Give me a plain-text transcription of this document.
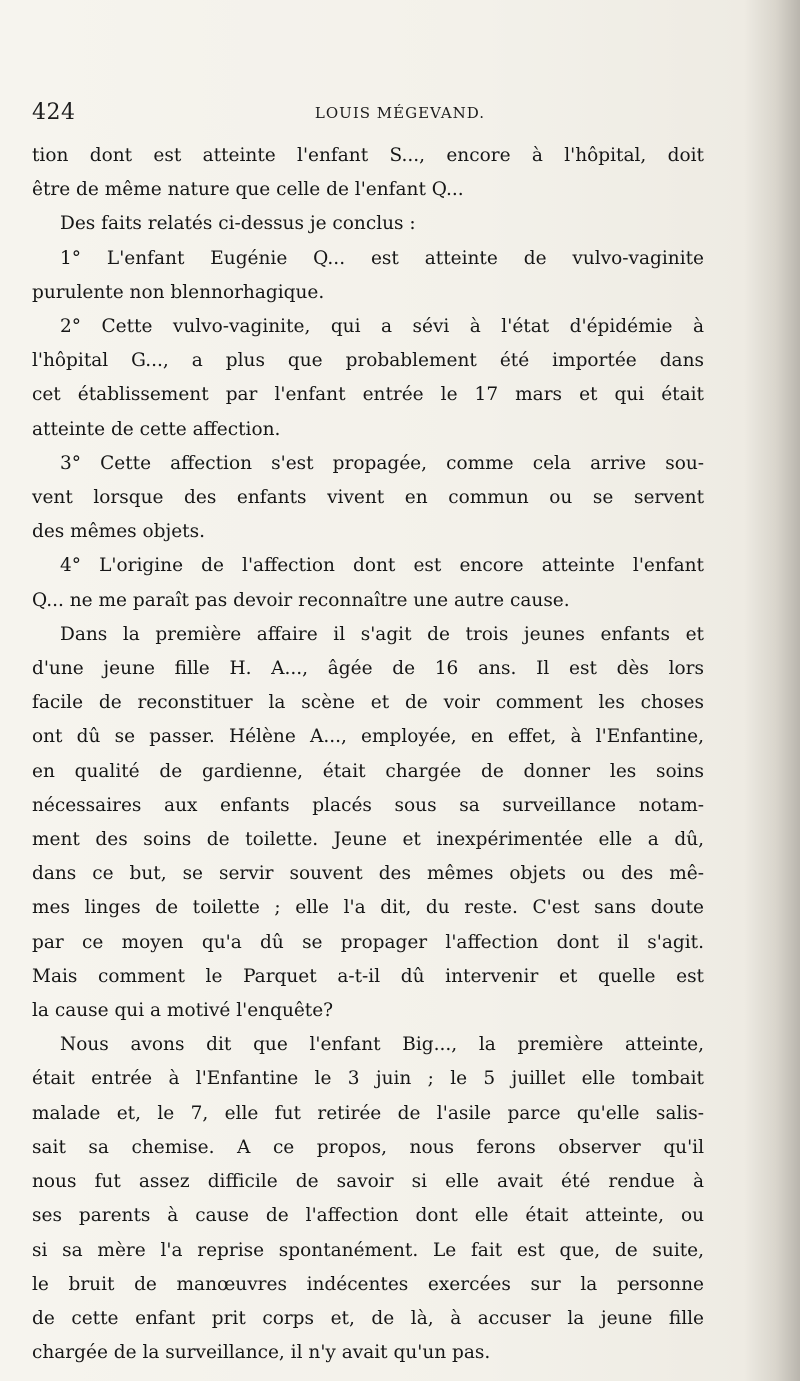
424	LOUIS MÉGEVAND.
tion dont est atteinte l'enfant S..., encore à l'hôpital, doit
être de même nature que celle de l'enfant Q...
Des faits relatés ci-dessus je conclus :
1° L'enfant Eugénie Q... est atteinte de vulvo-vaginite
purulente non blennorhagique.
2° Cette vulvo-vaginite, qui a sévi à l'état d'épidémie à
l'hôpital G..., a plus que probablement été importée dans
cet établissement par l'enfant entrée le 17 mars et qui était
atteinte de cette affection.
3° Cette affection s'est propagée, comme cela arrive sou-
vent lorsque des enfants vivent en commun ou se servent
des mêmes objets.
4° L'origine de l'affection dont est encore atteinte l'enfant
Q... ne me paraît pas devoir reconnaître une autre cause.
Dans la première affaire il s'agit de trois jeunes enfants et
d'une jeune fille H. A..., âgée de 16 ans. Il est dès lors
facile de reconstituer la scène et de voir comment les choses
ont dû se passer. Hélène A..., employée, en effet, à l'Enfantine,
en qualité de gardienne, était chargée de donner les soins
nécessaires aux enfants placés sous sa surveillance notam-
ment des soins de toilette. Jeune et inexpérimentée elle a dû,
dans ce but, se servir souvent des mêmes objets ou des mê-
mes linges de toilette ; elle l'a dit, du reste. C'est sans doute
par ce moyen qu'a dû se propager l'affection dont il s'agit.
Mais comment le Parquet a-t-il dû intervenir et quelle est
la cause qui a motivé l'enquête?
Nous avons dit que l'enfant Big..., la première atteinte,
était entrée à l'Enfantine le 3 juin ; le 5 juillet elle tombait
malade et, le 7, elle fut retirée de l'asile parce qu'elle salis-
sait sa chemise. A ce propos, nous ferons observer qu'il
nous fut assez difficile de savoir si elle avait été rendue à
ses parents à cause de l'affection dont elle était atteinte, ou
si sa mère l'a reprise spontanément. Le fait est que, de suite,
le bruit de manœuvres indécentes exercées sur la personne
de cette enfant prit corps et, de là, à accuser la jeune fille
chargée de la surveillance, il n'y avait qu'un pas.
